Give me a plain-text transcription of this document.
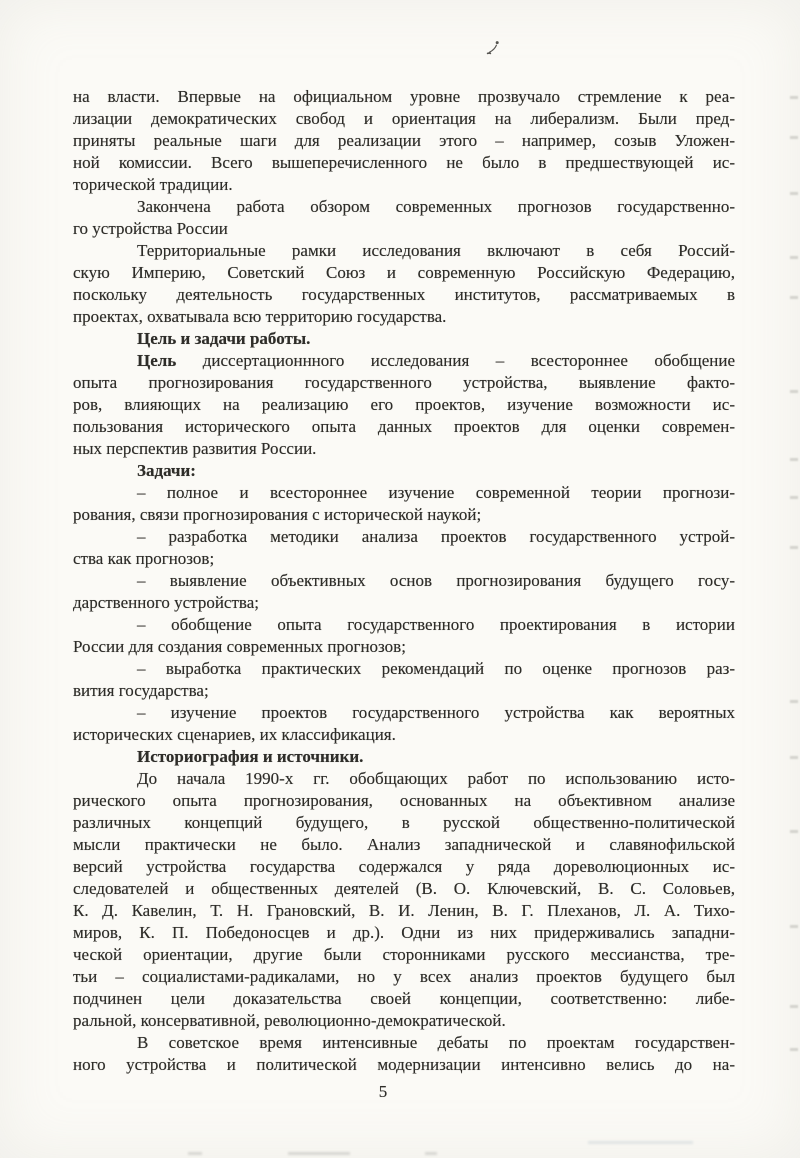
на власти. Впервые на официальном уровне прозвучало стремление к реа-
лизации демократических свобод и ориентация на либерализм. Были пред-
приняты реальные шаги для реализации этого – например, созыв Уложен-
ной комиссии. Всего вышеперечисленного не было в предшествующей ис-
торической традиции.
Закончена работа обзором современных прогнозов государственно-
го устройства России
Территориальные рамки исследования включают в себя Россий-
скую Империю, Советский Союз и современную Российскую Федерацию,
поскольку деятельность государственных институтов, рассматриваемых в
проектах, охватывала всю территорию государства.
Цель и задачи работы.
Цель диссертационнного исследования – всестороннее обобщение
опыта прогнозирования государственного устройства, выявление факто-
ров, влияющих на реализацию его проектов, изучение возможности ис-
пользования исторического опыта данных проектов для оценки современ-
ных перспектив развития России.
Задачи:
– полное и всестороннее изучение современной теории прогнози-
рования, связи прогнозирования с исторической наукой;
– разработка методики анализа проектов государственного устрой-
ства как прогнозов;
– выявление объективных основ прогнозирования будущего госу-
дарственного устройства;
– обобщение опыта государственного проектирования в истории
России для создания современных прогнозов;
– выработка практических рекомендаций по оценке прогнозов раз-
вития государства;
– изучение проектов государственного устройства как вероятных
исторических сценариев, их классификация.
Историография и источники.
До начала 1990-х гг. обобщающих работ по использованию исто-
рического опыта прогнозирования, основанных на объективном анализе
различных концепций будущего, в русской общественно-политической
мысли практически не было. Анализ западнической и славянофильской
версий устройства государства содержался у ряда дореволюционных ис-
следователей и общественных деятелей (В. О. Ключевский, В. С. Соловьев,
К. Д. Кавелин, Т. Н. Грановский, В. И. Ленин, В. Г. Плеханов, Л. А. Тихо-
миров, К. П. Победоносцев и др.). Одни из них придерживались западни-
ческой ориентации, другие были сторонниками русского мессианства, тре-
тьи – социалистами-радикалами, но у всех анализ проектов будущего был
подчинен цели доказательства своей концепции, соответственно: либе-
ральной, консервативной, революционно-демократической.
В советское время интенсивные дебаты по проектам государствен-
ного устройства и политической модернизации интенсивно велись до на-
5
